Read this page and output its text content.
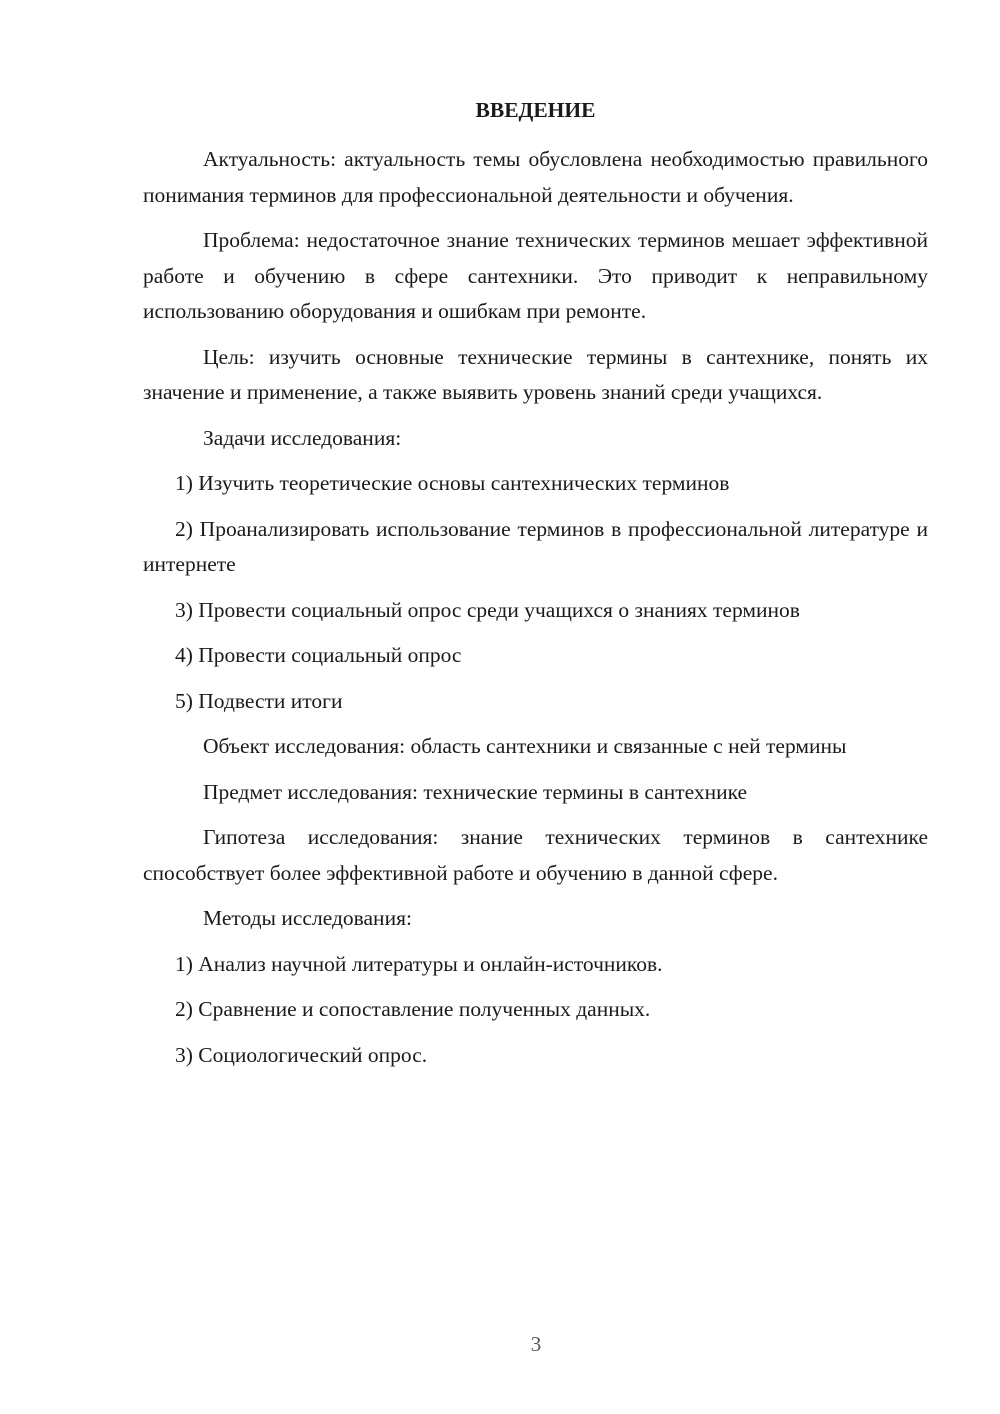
ВВЕДЕНИЕ

Актуальность: актуальность темы обусловлена необходимостью правильного понимания терминов для профессиональной деятельности и обучения.

Проблема: недостаточное знание технических терминов мешает эффективной работе и обучению в сфере сантехники. Это приводит к неправильному использованию оборудования и ошибкам при ремонте.

Цель: изучить основные технические термины в сантехнике, понять их значение и применение, а также выявить уровень знаний среди учащихся.

Задачи исследования:

1) Изучить теоретические основы сантехнических терминов

2) Проанализировать использование терминов в профессиональной литературе и интернете

3) Провести социальный опрос среди учащихся о знаниях терминов

4) Провести социальный опрос

5) Подвести итоги

Объект исследования: область сантехники и связанные с ней термины

Предмет исследования: технические термины в сантехнике

Гипотеза исследования: знание технических терминов в сантехнике способствует более эффективной работе и обучению в данной сфере.

Методы исследования:

1) Анализ научной литературы и онлайн-источников.

2) Сравнение и сопоставление полученных данных.

3) Социологический опрос.

3
